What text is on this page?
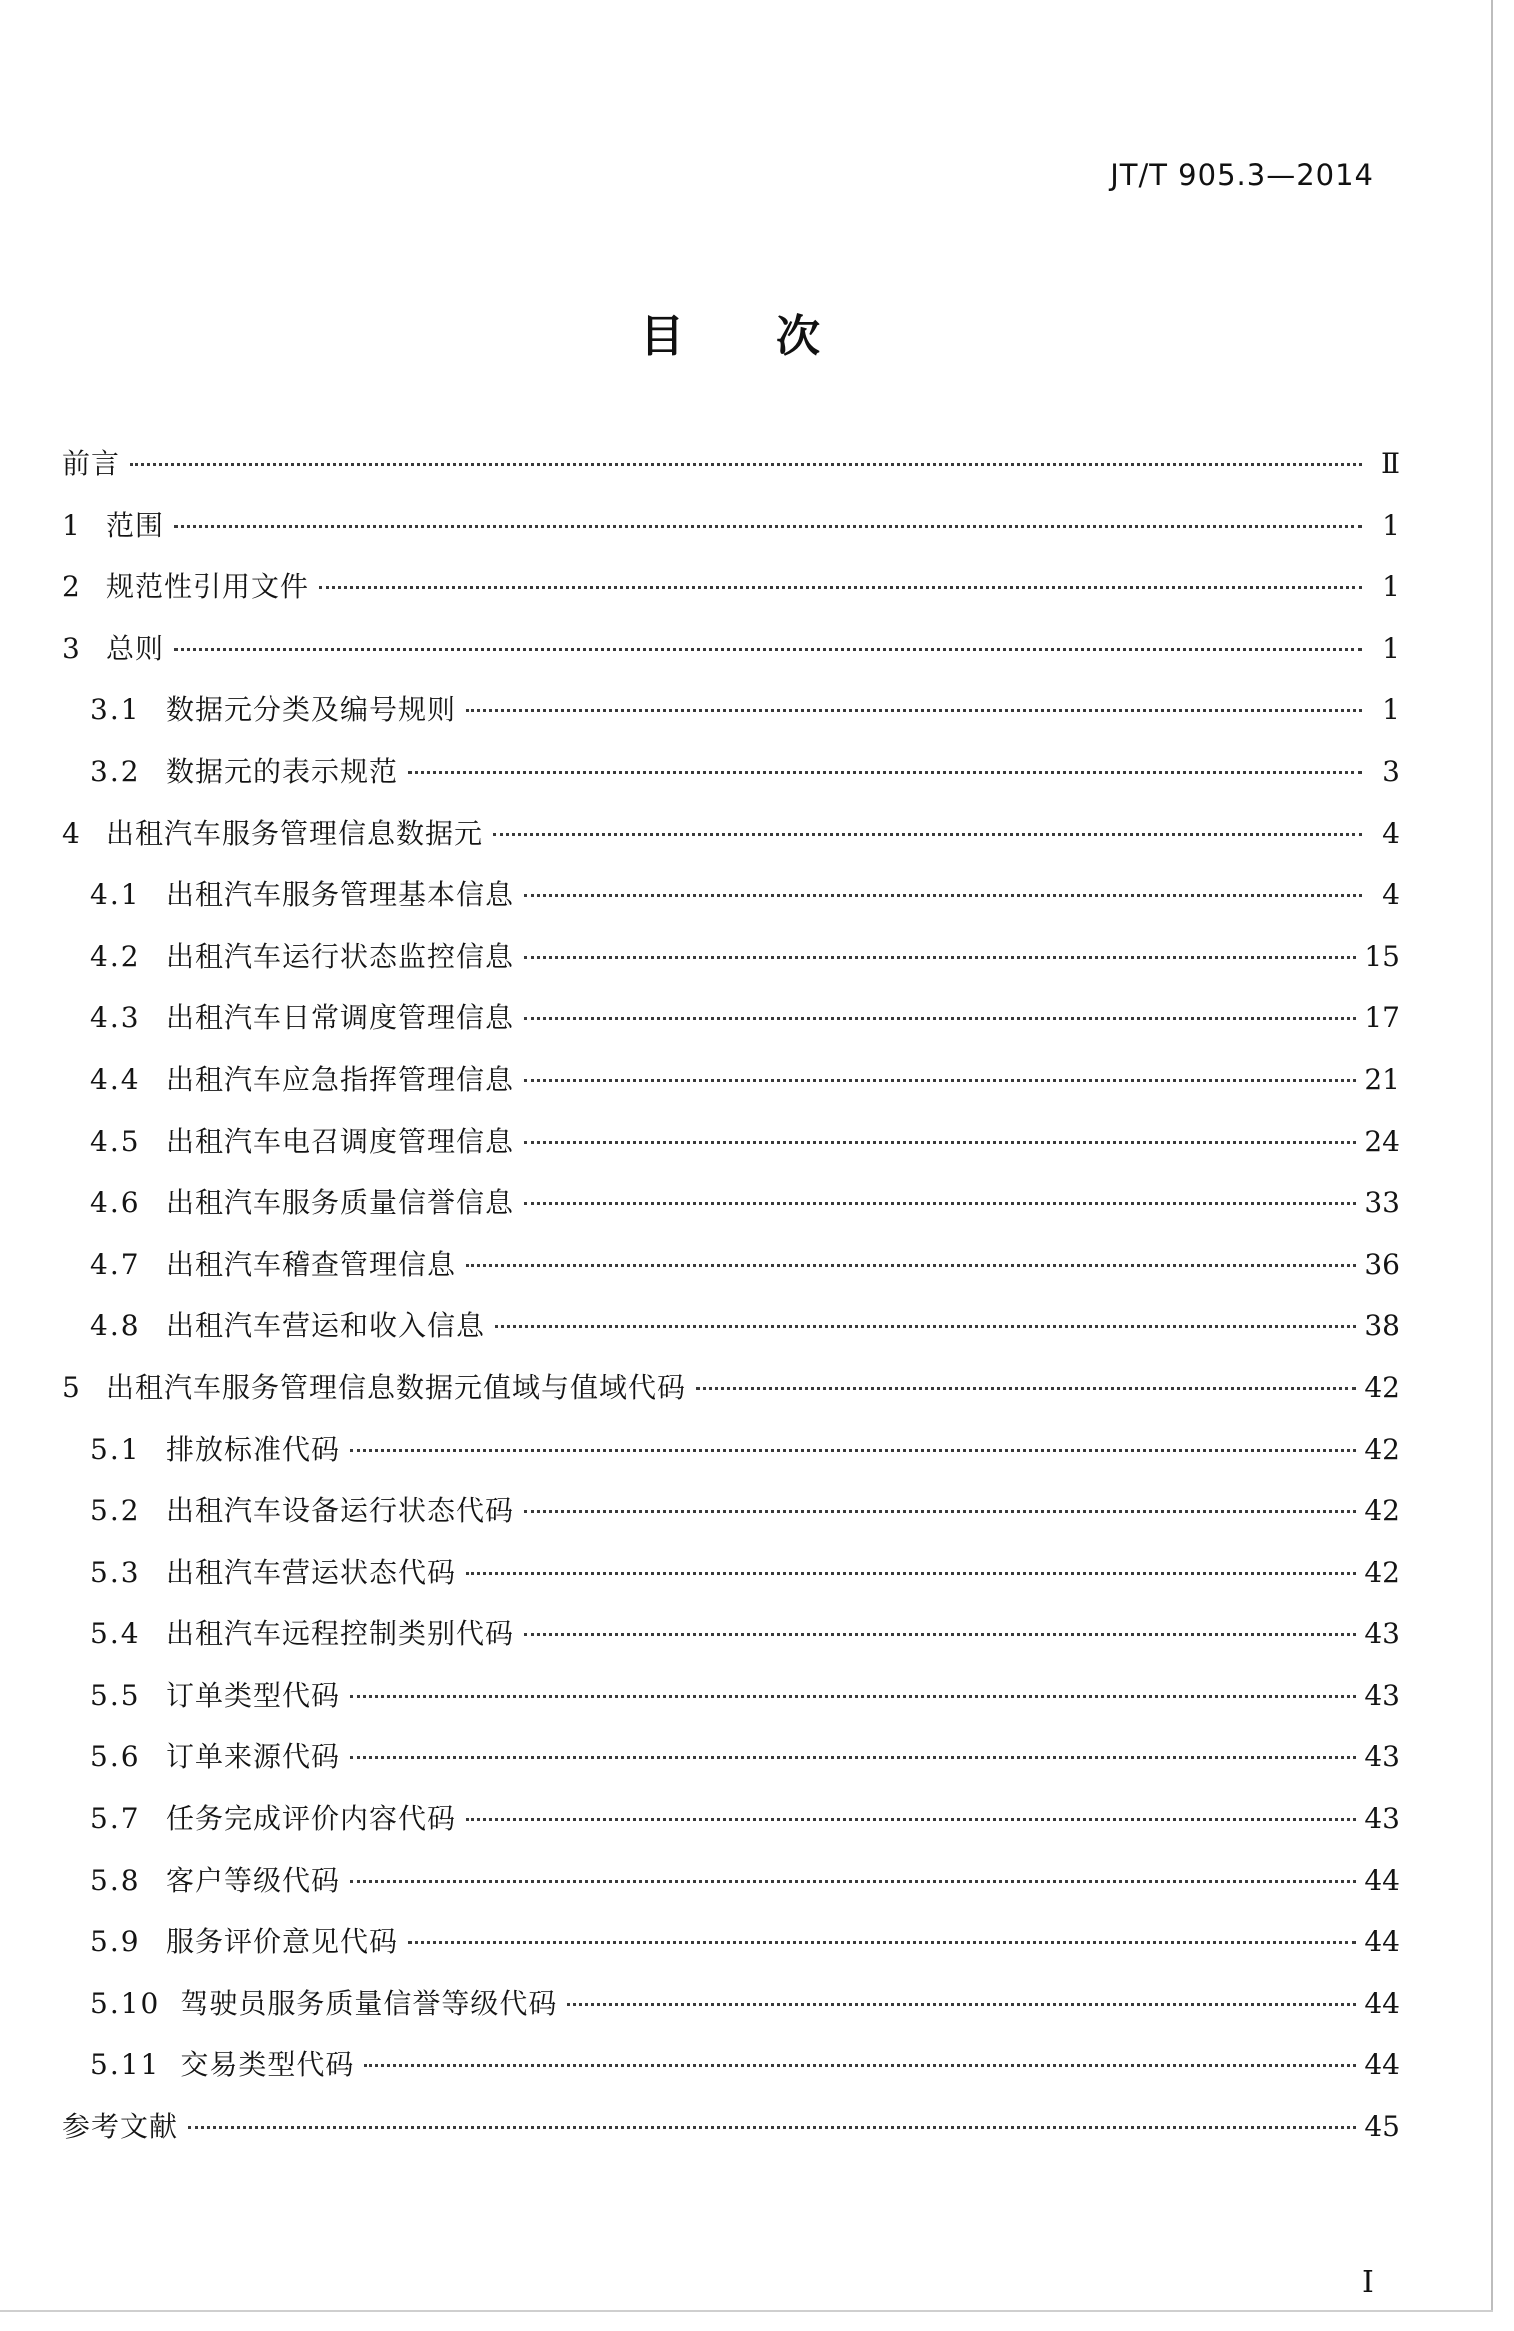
JT/T 905.3—2014
目 次
前言	Ⅱ
1 范围	1
2 规范性引用文件	1
3 总则	1
3.1 数据元分类及编号规则	1
3.2 数据元的表示规范	3
4 出租汽车服务管理信息数据元	4
4.1 出租汽车服务管理基本信息	4
4.2 出租汽车运行状态监控信息	15
4.3 出租汽车日常调度管理信息	17
4.4 出租汽车应急指挥管理信息	21
4.5 出租汽车电召调度管理信息	24
4.6 出租汽车服务质量信誉信息	33
4.7 出租汽车稽查管理信息	36
4.8 出租汽车营运和收入信息	38
5 出租汽车服务管理信息数据元值域与值域代码	42
5.1 排放标准代码	42
5.2 出租汽车设备运行状态代码	42
5.3 出租汽车营运状态代码	42
5.4 出租汽车远程控制类别代码	43
5.5 订单类型代码	43
5.6 订单来源代码	43
5.7 任务完成评价内容代码	43
5.8 客户等级代码	44
5.9 服务评价意见代码	44
5.10 驾驶员服务质量信誉等级代码	44
5.11 交易类型代码	44
参考文献	45
Ⅰ
